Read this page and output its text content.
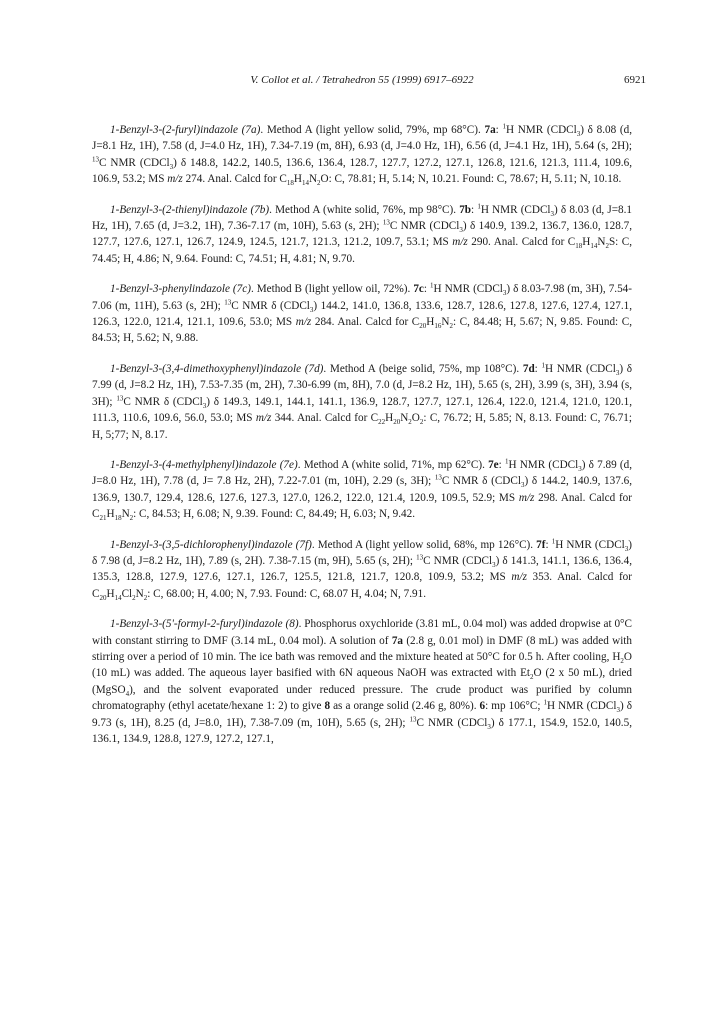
V. Collot et al. / Tetrahedron 55 (1999) 6917–6922	6921

1-Benzyl-3-(2-furyl)indazole (7a). Method A (light yellow solid, 79%, mp 68°C). 7a: $^1$H NMR (CDCl$_3$) δ 8.08 (d, J=8.1 Hz, 1H), 7.58 (d, J=4.0 Hz, 1H), 7.34-7.19 (m, 8H), 6.93 (d, J=4.0 Hz, 1H), 6.56 (d, J=4.1 Hz, 1H), 5.64 (s, 2H); $^{13}$C NMR (CDCl$_3$) δ 148.8, 142.2, 140.5, 136.6, 136.4, 128.7, 127.7, 127.2, 127.1, 126.8, 121.6, 121.3, 111.4, 109.6, 106.9, 53.2; MS m/z 274. Anal. Calcd for $C_{18}H_{14}N_2O$: C, 78.81; H, 5.14; N, 10.21. Found: C, 78.67; H, 5.11; N, 10.18.

1-Benzyl-3-(2-thienyl)indazole (7b). Method A (white solid, 76%, mp 98°C). 7b: $^1$H NMR (CDCl$_3$) δ 8.03 (d, J=8.1 Hz, 1H), 7.65 (d, J=3.2, 1H), 7.36-7.17 (m, 10H), 5.63 (s, 2H); $^{13}$C NMR (CDCl$_3$) δ 140.9, 139.2, 136.7, 136.0, 128.7, 127.7, 127.6, 127.1, 126.7, 124.9, 124.5, 121.7, 121.3, 121.2, 109.7, 53.1; MS m/z 290. Anal. Calcd for $C_{18}H_{14}N_2S$: C, 74.45; H, 4.86; N, 9.64. Found: C, 74.51; H, 4.81; N, 9.70.

1-Benzyl-3-phenylindazole (7c). Method B (light yellow oil, 72%). 7c: $^1$H NMR (CDCl$_3$) δ 8.03-7.98 (m, 3H), 7.54-7.06 (m, 11H), 5.63 (s, 2H); $^{13}$C NMR δ (CDCl$_3$) 144.2, 141.0, 136.8, 133.6, 128.7, 128.6, 127.8, 127.6, 127.4, 127.1, 126.3, 122.0, 121.4, 121.1, 109.6, 53.0; MS m/z 284. Anal. Calcd for $C_{20}H_{16}N_2$: C, 84.48; H, 5.67; N, 9.85. Found: C, 84.53; H, 5.62; N, 9.88.

1-Benzyl-3-(3,4-dimethoxyphenyl)indazole (7d). Method A (beige solid, 75%, mp 108°C). 7d: $^1$H NMR (CDCl$_3$) δ 7.99 (d, J=8.2 Hz, 1H), 7.53-7.35 (m, 2H), 7.30-6.99 (m, 8H), 7.0 (d, J=8.2 Hz, 1H), 5.65 (s, 2H), 3.99 (s, 3H), 3.94 (s, 3H); $^{13}$C NMR δ (CDCl$_3$) δ 149.3, 149.1, 144.1, 141.1, 136.9, 128.7, 127.7, 127.1, 126.4, 122.0, 121.4, 121.0, 120.1, 111.3, 110.6, 109.6, 56.0, 53.0; MS m/z 344. Anal. Calcd for $C_{22}H_{20}N_2O_2$: C, 76.72; H, 5.85; N, 8.13. Found: C, 76.71; H, 5;77; N, 8.17.

1-Benzyl-3-(4-methylphenyl)indazole (7e). Method A (white solid, 71%, mp 62°C). 7e: $^1$H NMR (CDCl$_3$) δ 7.89 (d, J=8.0 Hz, 1H), 7.78 (d, J= 7.8 Hz, 2H), 7.22-7.01 (m, 10H), 2.29 (s, 3H); $^{13}$C NMR δ (CDCl$_3$) δ 144.2, 140.9, 137.6, 136.9, 130.7, 129.4, 128.6, 127.6, 127.3, 127.0, 126.2, 122.0, 121.4, 120.9, 109.5, 52.9; MS m/z 298. Anal. Calcd for $C_{21}H_{18}N_2$: C, 84.53; H, 6.08; N, 9.39. Found: C, 84.49; H, 6.03; N, 9.42.

1-Benzyl-3-(3,5-dichlorophenyl)indazole (7f). Method A (light yellow solid, 68%, mp 126°C). 7f: $^1$H NMR (CDCl$_3$) δ 7.98 (d, J=8.2 Hz, 1H), 7.89 (s, 2H). 7.38-7.15 (m, 9H), 5.65 (s, 2H); $^{13}$C NMR (CDCl$_3$) δ 141.3, 141.1, 136.6, 136.4, 135.3, 128.8, 127.9, 127.6, 127.1, 126.7, 125.5, 121.8, 121.7, 120.8, 109.9, 53.2; MS m/z 353. Anal. Calcd for $C_{20}H_{14}Cl_2N_2$: C, 68.00; H, 4.00; N, 7.93. Found: C, 68.07 H, 4.04; N, 7.91.

1-Benzyl-3-(5'-formyl-2-furyl)indazole (8). Phosphorus oxychloride (3.81 mL, 0.04 mol) was added dropwise at 0°C with constant stirring to DMF (3.14 mL, 0.04 mol). A solution of 7a (2.8 g, 0.01 mol) in DMF (8 mL) was added with stirring over a period of 10 min. The ice bath was removed and the mixture heated at 50°C for 0.5 h. After cooling, $H_2O$ (10 mL) was added. The aqueous layer basified with 6N aqueous NaOH was extracted with $Et_2O$ (2 x 50 mL), dried (MgSO$_4$), and the solvent evaporated under reduced pressure. The crude product was purified by column chromatography (ethyl acetate/hexane 1: 2) to give 8 as a orange solid (2.46 g, 80%). 6: mp 106°C; $^1$H NMR (CDCl$_3$) δ 9.73 (s, 1H), 8.25 (d, J=8.0, 1H), 7.38-7.09 (m, 10H), 5.65 (s, 2H); $^{13}$C NMR (CDCl$_3$) δ 177.1, 154.9, 152.0, 140.5, 136.1, 134.9, 128.8, 127.9, 127.2, 127.1,
